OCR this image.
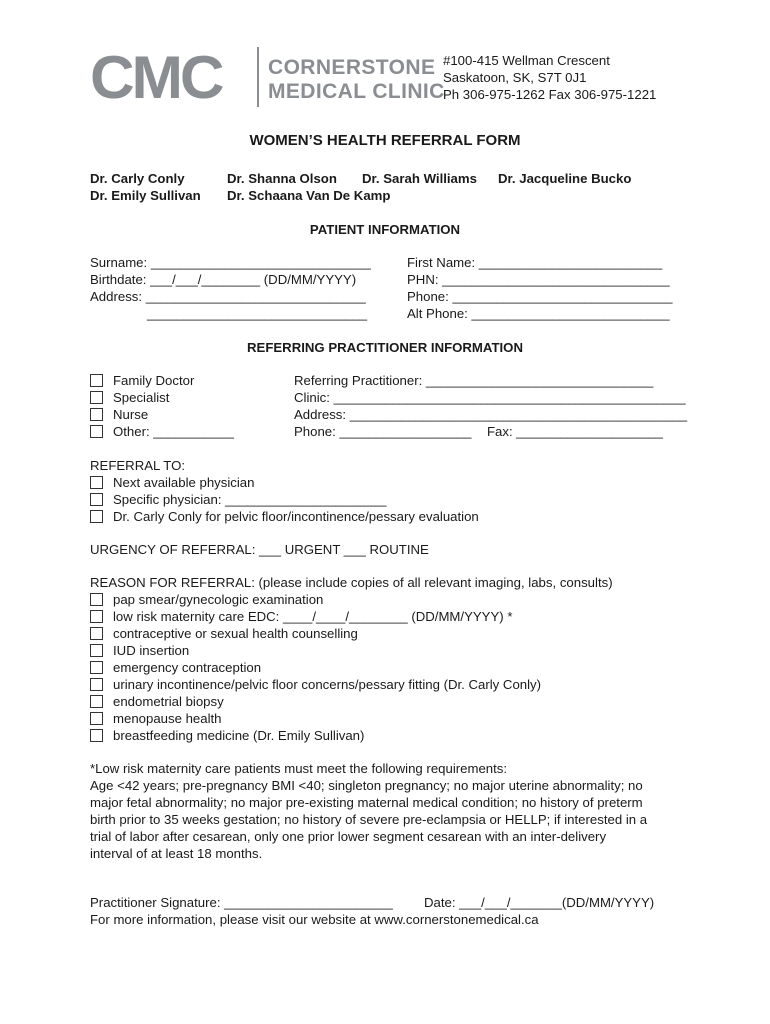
CMC CORNERSTONE
MEDICAL CLINIC
#100-415 Wellman Crescent
Saskatoon, SK, S7T 0J1
Ph 306-975-1262 Fax 306-975-1221
WOMEN’S HEALTH REFERRAL FORM
Dr. Carly Conly	Dr. Shanna Olson Dr. Sarah Williams Dr. Jacqueline Bucko
Dr. Emily Sullivan Dr. Schaana Van De Kamp
PATIENT INFORMATION
Surname: ______________________________
Birthdate: ___/___/________ (DD/MM/YYYY)
Address: ______________________________
______________________________
First Name: _________________________
PHN: _______________________________
Phone: ______________________________
Alt Phone: ___________________________
REFERRING PRACTITIONER INFORMATION
Family Doctor
Specialist
Nurse
Other: ___________
Referring Practitioner: _______________________________
Clinic: ________________________________________________
Address: ______________________________________________
Phone: __________________ Fax: ____________________
REFERRAL TO:
Next available physician
Specific physician: ______________________
Dr. Carly Conly for pelvic floor/incontinence/pessary evaluation
URGENCY OF REFERRAL: ___ URGENT ___ ROUTINE
REASON FOR REFERRAL: (please include copies of all relevant imaging, labs, consults)
pap smear/gynecologic examination
low risk maternity care EDC: ____/____/________ (DD/MM/YYYY) *
contraceptive or sexual health counselling
IUD insertion
emergency contraception
urinary incontinence/pelvic floor concerns/pessary fitting (Dr. Carly Conly)
endometrial biopsy
menopause health
breastfeeding medicine (Dr. Emily Sullivan)
*Low risk maternity care patients must meet the following requirements:
Age <42 years; pre-pregnancy BMI <40; singleton pregnancy; no major uterine abnormality; no
major fetal abnormality; no major pre-existing maternal medical condition; no history of preterm
birth prior to 35 weeks gestation; no history of severe pre-eclampsia or HELLP; if interested in a
trial of labor after cesarean, only one prior lower segment cesarean with an inter-delivery
interval of at least 18 months.
Practitioner Signature: _______________________ Date: ___/___/_______(DD/MM/YYYY)
For more information, please visit our website at www.cornerstonemedical.ca
